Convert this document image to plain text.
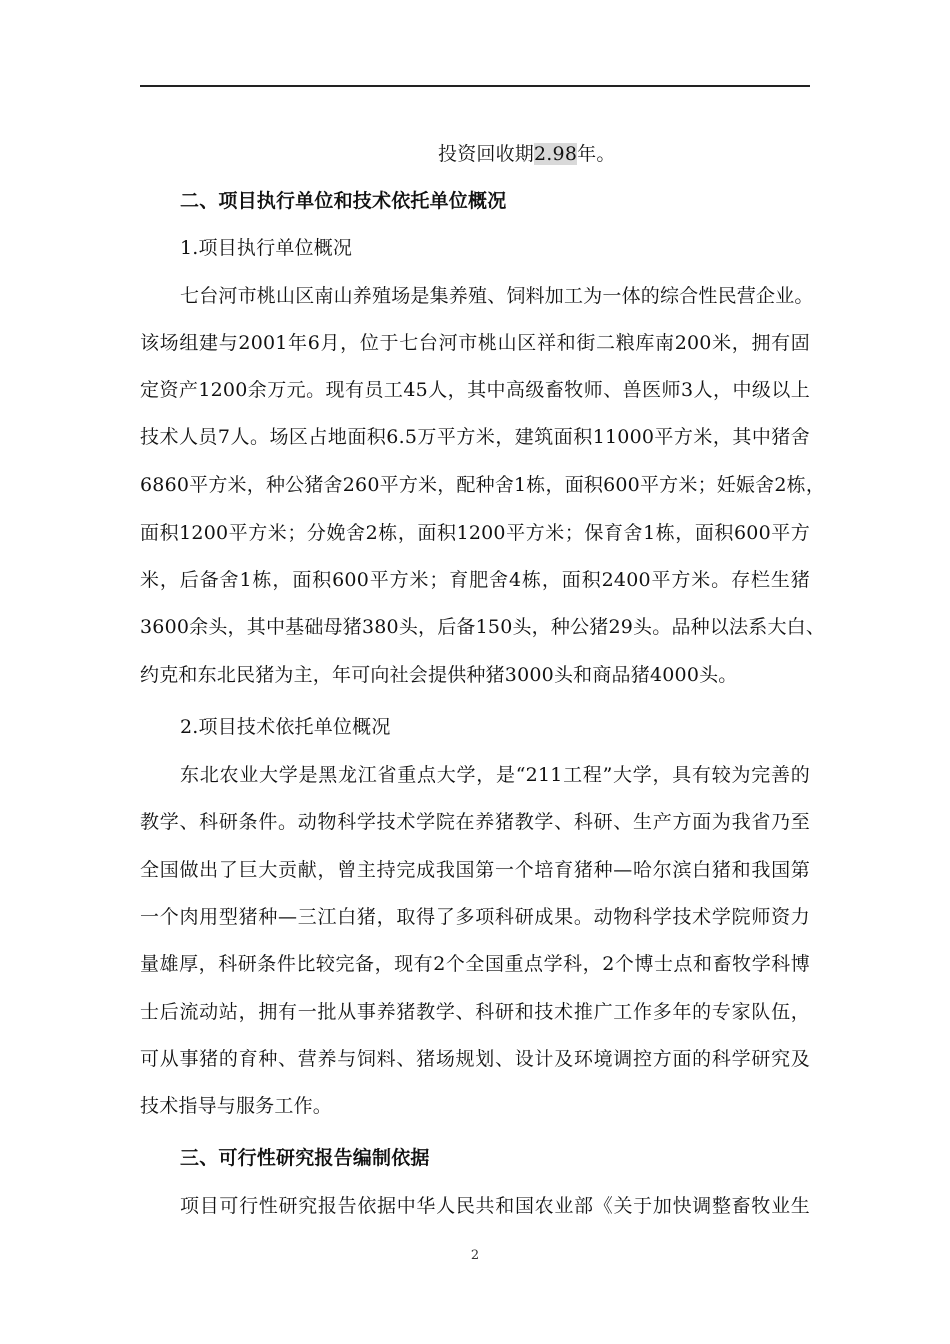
投资回收期2.98年。
二、项目执行单位和技术依托单位概况
1.项目执行单位概况
七台河市桃山区南山养殖场是集养殖、饲料加工为一体的综合性民营企业。
该场组建与2001年6月，位于七台河市桃山区祥和街二粮库南200米，拥有固
定资产1200余万元。现有员工45人，其中高级畜牧师、兽医师3人，中级以上
技术人员7人。场区占地面积6.5万平方米，建筑面积11000平方米，其中猪舍
6860平方米，种公猪舍260平方米，配种舍1栋，面积600平方米；妊娠舍2栋，
面积1200平方米；分娩舍2栋，面积1200平方米；保育舍1栋，面积600平方
米，后备舍1栋，面积600平方米；育肥舍4栋，面积2400平方米。存栏生猪
3600余头，其中基础母猪380头，后备150头，种公猪29头。品种以法系大白、
约克和东北民猪为主，年可向社会提供种猪3000头和商品猪4000头。
2.项目技术依托单位概况
东北农业大学是黑龙江省重点大学，是“211工程”大学，具有较为完善的
教学、科研条件。动物科学技术学院在养猪教学、科研、生产方面为我省乃至
全国做出了巨大贡献，曾主持完成我国第一个培育猪种—哈尔滨白猪和我国第
一个肉用型猪种—三江白猪，取得了多项科研成果。动物科学技术学院师资力
量雄厚，科研条件比较完备，现有2个全国重点学科，2个博士点和畜牧学科博
士后流动站，拥有一批从事养猪教学、科研和技术推广工作多年的专家队伍，
可从事猪的育种、营养与饲料、猪场规划、设计及环境调控方面的科学研究及
技术指导与服务工作。
三、可行性研究报告编制依据
项目可行性研究报告依据中华人民共和国农业部《关于加快调整畜牧业生
2
